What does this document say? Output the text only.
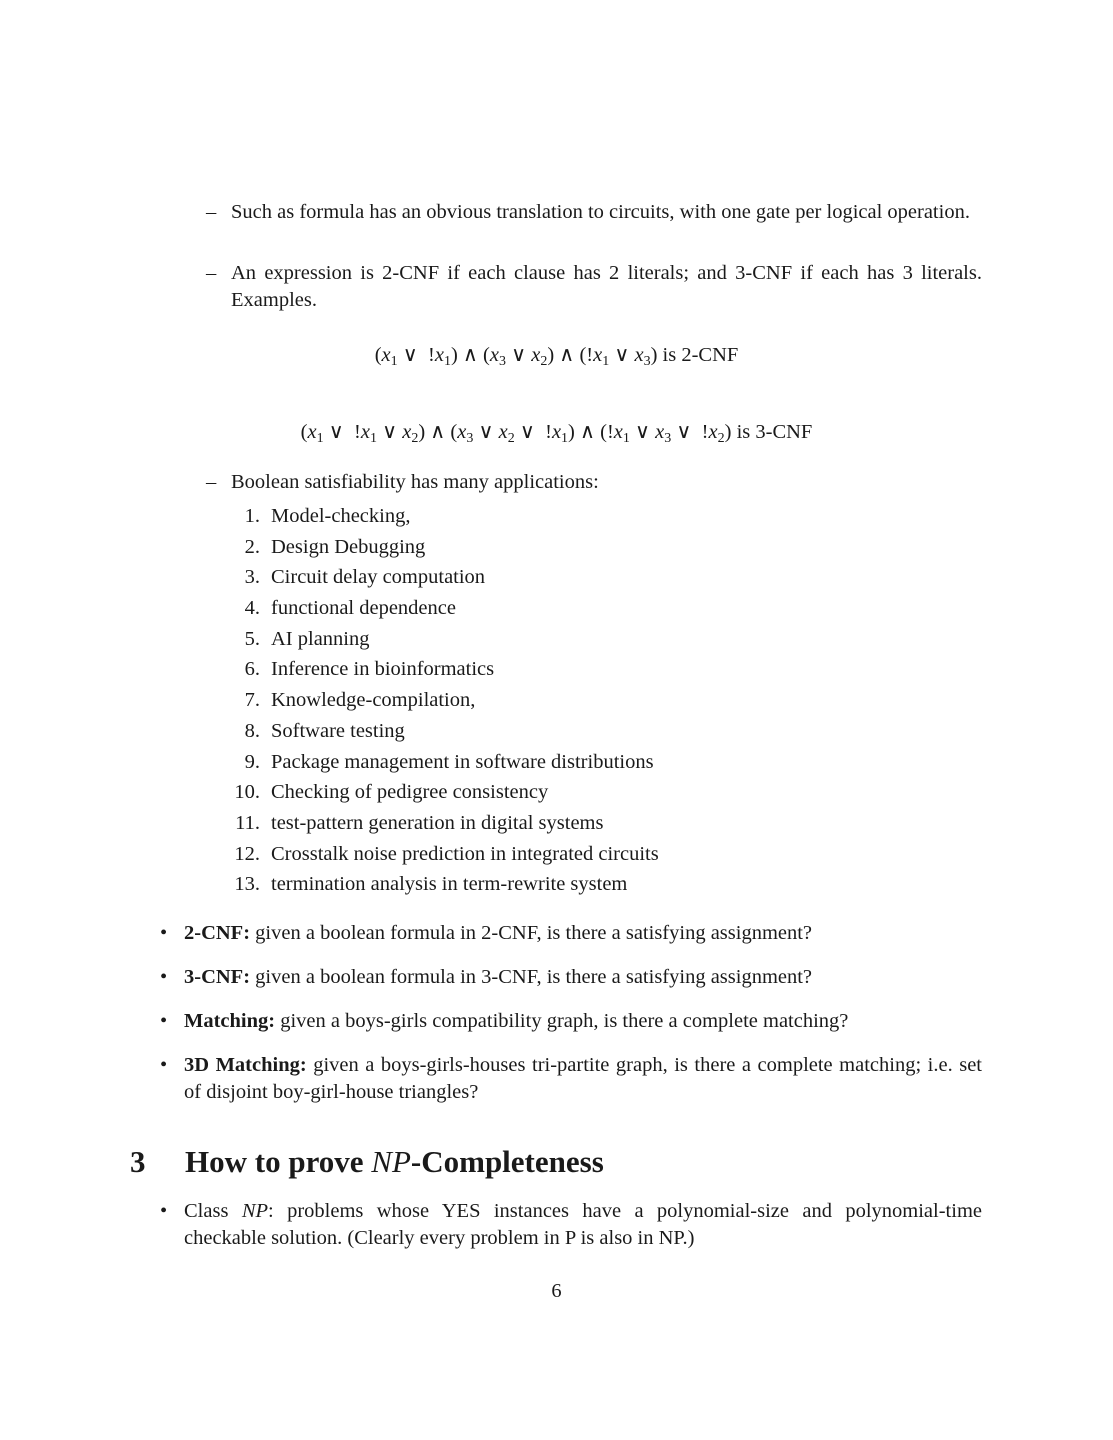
– Such as formula has an obvious translation to circuits, with one gate per logical operation.
– An expression is 2-CNF if each clause has 2 literals; and 3-CNF if each has 3 literals. Examples.
($x_1$ ∨  $!x_1$) ∧ ($x_3$ ∨ $x_2$) ∧ ($!x_1$ ∨ $x_3$) is 2-CNF
($x_1$ ∨  $!x_1$ ∨ $x_2$) ∧ ($x_3$ ∨ $x_2$ ∨  $!x_1$) ∧ ($!x_1$ ∨ $x_3$ ∨  $!x_2$) is 3-CNF
– Boolean satisfiability has many applications:
1. Model-checking,
2. Design Debugging
3. Circuit delay computation
4. functional dependence
5. AI planning
6. Inference in bioinformatics
7. Knowledge-compilation,
8. Software testing
9. Package management in software distributions
10. Checking of pedigree consistency
11. test-pattern generation in digital systems
12. Crosstalk noise prediction in integrated circuits
13. termination analysis in term-rewrite system
• 2-CNF: given a boolean formula in 2-CNF, is there a satisfying assignment?
• 3-CNF: given a boolean formula in 3-CNF, is there a satisfying assignment?
• Matching: given a boys-girls compatibility graph, is there a complete matching?
• 3D Matching: given a boys-girls-houses tri-partite graph, is there a complete matching; i.e. set of disjoint boy-girl-house triangles?
3 How to prove NP-Completeness
• Class NP: problems whose YES instances have a polynomial-size and polynomial-time checkable solution. (Clearly every problem in P is also in NP.)
6
